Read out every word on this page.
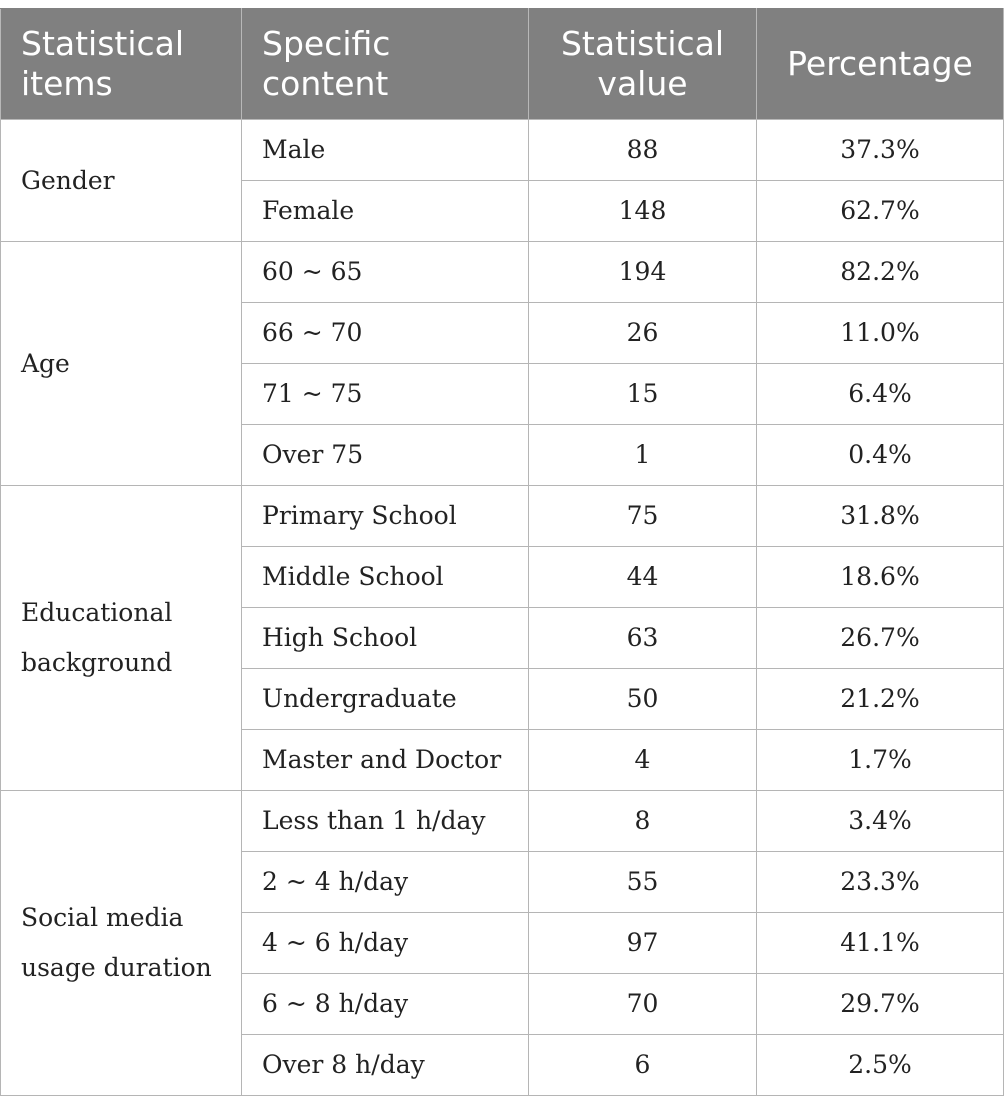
Statistical items	Specific content	Statistical value	Percentage
Gender	Male	88	37.3%
	Female	148	62.7%
Age	60 ~ 65	194	82.2%
	66 ~ 70	26	11.0%
	71 ~ 75	15	6.4%
	Over 75	1	0.4%
Educational background	Primary School	75	31.8%
	Middle School	44	18.6%
	High School	63	26.7%
	Undergraduate	50	21.2%
	Master and Doctor	4	1.7%
Social media usage duration	Less than 1 h/day	8	3.4%
	2 ~ 4 h/day	55	23.3%
	4 ~ 6 h/day	97	41.1%
	6 ~ 8 h/day	70	29.7%
	Over 8 h/day	6	2.5%
